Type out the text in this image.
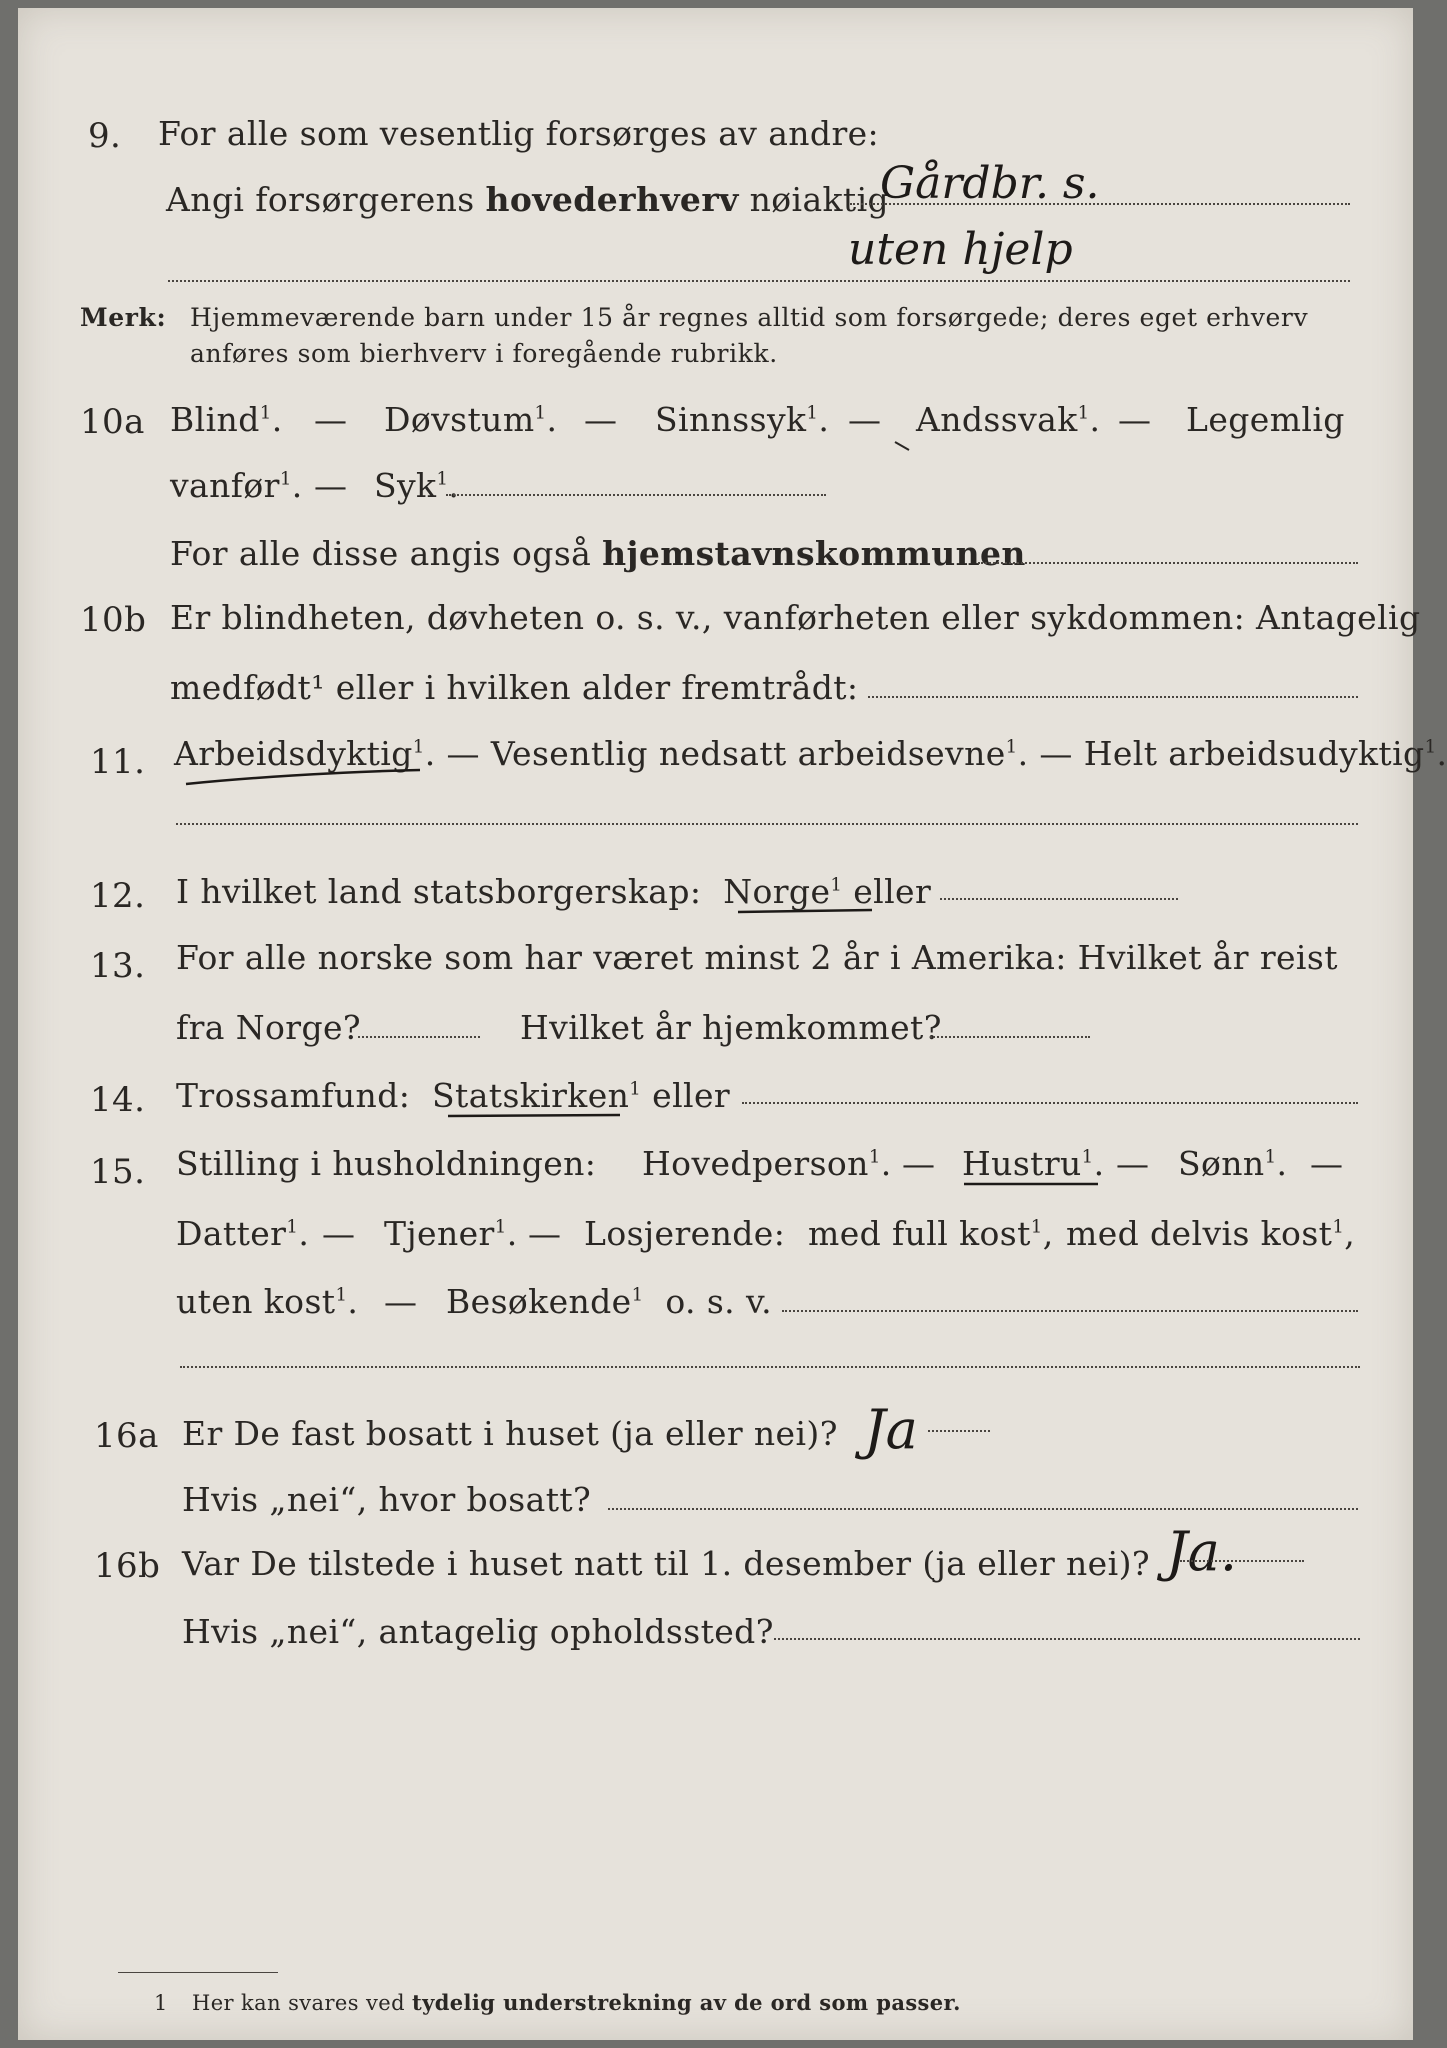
9. For alle som vesentlig forsørges av andre:
Angi forsørgerens hovederhverv nøiaktig
Gårdbr. s.
uten hjelp
Merk: Hjemmeværende barn under 15 år regnes alltid som forsørgede; deres eget erhverv
anføres som bierhverv i foregående rubrikk.
10a Blind$^1$. — Døvstum$^1$. — Sinnssyk$^1$. — Andssvak$^1$. — Legemlig
vanfør$^1$. — Syk$^1$.
For alle disse angis også hjemstavnskommunen
10b Er blindheten, døvheten o. s. v., vanførheten eller sykdommen: Antagelig
medfødt¹ eller i hvilken alder fremtrådt:
11. Arbeidsdyktig$^1$. — Vesentlig nedsatt arbeidsevne$^1$. — Helt arbeidsudyktig$^1$.
12. I hvilket land statsborgerskap: Norge$^1$ eller
13. For alle norske som har været minst 2 år i Amerika: Hvilket år reist
fra Norge?	Hvilket år hjemkommet?
14. Trossamfund: Statskirken$^1$ eller
15. Stilling i husholdningen: Hovedperson$^1$. — Hustru$^1$. — Sønn$^1$. —
Datter$^1$. — Tjener$^1$. — Losjerende: med full kost$^1$, med delvis kost$^1$,
uten kost$^1$. — Besøkende$^1$ o. s. v.
16a Er De fast bosatt i huset (ja eller nei)? Ja
Hvis „nei“, hvor bosatt?
16b Var De tilstede i huset natt til 1. desember (ja eller nei)? Ja.
Hvis „nei“, antagelig opholdssted?
1 Her kan svares ved tydelig understrekning av de ord som passer.
